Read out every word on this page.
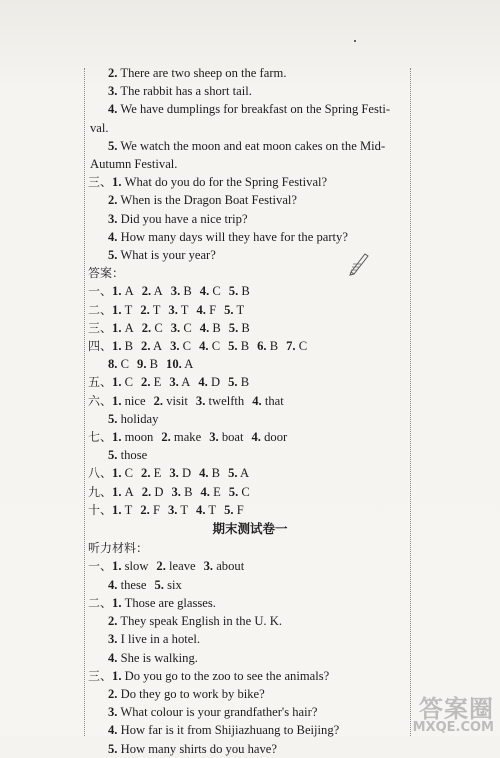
2. There are two sheep on the farm.
3. The rabbit has a short tail.
4. We have dumplings for breakfast on the Spring Festi-
val.
5. We watch the moon and eat moon cakes on the Mid-
Autumn Festival.
三、1. What do you do for the Spring Festival?
2. When is the Dragon Boat Festival?
3. Did you have a nice trip?
4. How many days will they have for the party?
5. What is your year?
答案：
一、1. A 2. A 3. B 4. C 5. B
二、1. T 2. T 3. T 4. F 5. T
三、1. A 2. C 3. C 4. B 5. B
四、1. B 2. A 3. C 4. C 5. B 6. B 7. C
8. C 9. B 10. A
五、1. C 2. E 3. A 4. D 5. B
六、1. nice 2. visit 3. twelfth 4. that
5. holiday
七、1. moon 2. make 3. boat 4. door
5. those
八、1. C 2. E 3. D 4. B 5. A
九、1. A 2. D 3. B 4. E 5. C
十、1. T 2. F 3. T 4. T 5. F
期末测试卷一
听力材料：
一、1. slow 2. leave 3. about
4. these 5. six
二、1. Those are glasses.
2. They speak English in the U. K.
3. I live in a hotel.
4. She is walking.
三、1. Do you go to the zoo to see the animals?
2. Do they go to work by bike?
3. What colour is your grandfather's hair?
4. How far is it from Shijiazhuang to Beijing?
5. How many shirts do you have?
答案圈
MXQE.COM
